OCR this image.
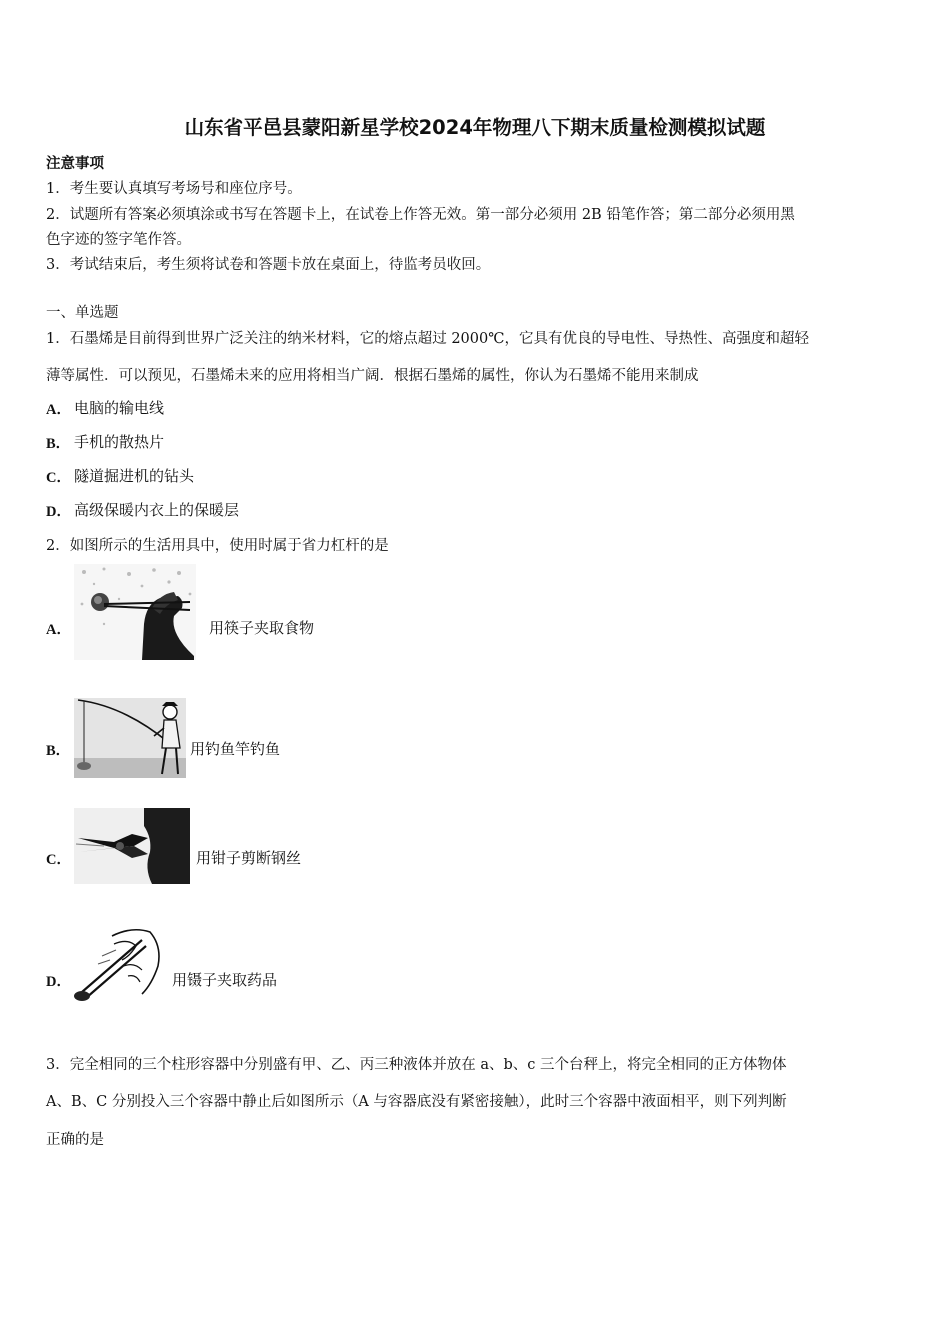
山东省平邑县蒙阳新星学校2024年物理八下期末质量检测模拟试题
注意事项
1．考生要认真填写考场号和座位序号。
2．试题所有答案必须填涂或书写在答题卡上，在试卷上作答无效。第一部分必须用 2B 铅笔作答；第二部分必须用黑
色字迹的签字笔作答。
3．考试结束后，考生须将试卷和答题卡放在桌面上，待监考员收回。
一、单选题
1．石墨烯是目前得到世界广泛关注的纳米材料，它的熔点超过 2000℃，它具有优良的导电性、导热性、高强度和超轻
薄等属性．可以预见，石墨烯未来的应用将相当广阔．根据石墨烯的属性，你认为石墨烯不能用来制成
A． 电脑的输电线
B． 手机的散热片
C． 隧道掘进机的钻头
D． 高级保暖内衣上的保暖层
2．如图所示的生活用具中，使用时属于省力杠杆的是
A．	用筷子夹取食物
B．	用钓鱼竿钓鱼
C．	用钳子剪断钢丝
D．	用镊子夹取药品
3．完全相同的三个柱形容器中分别盛有甲、乙、丙三种液体并放在 a、b、c 三个台秤上，将完全相同的正方体物体
A、B、C 分别投入三个容器中静止后如图所示（A 与容器底没有紧密接触），此时三个容器中液面相平，则下列判断
正确的是
